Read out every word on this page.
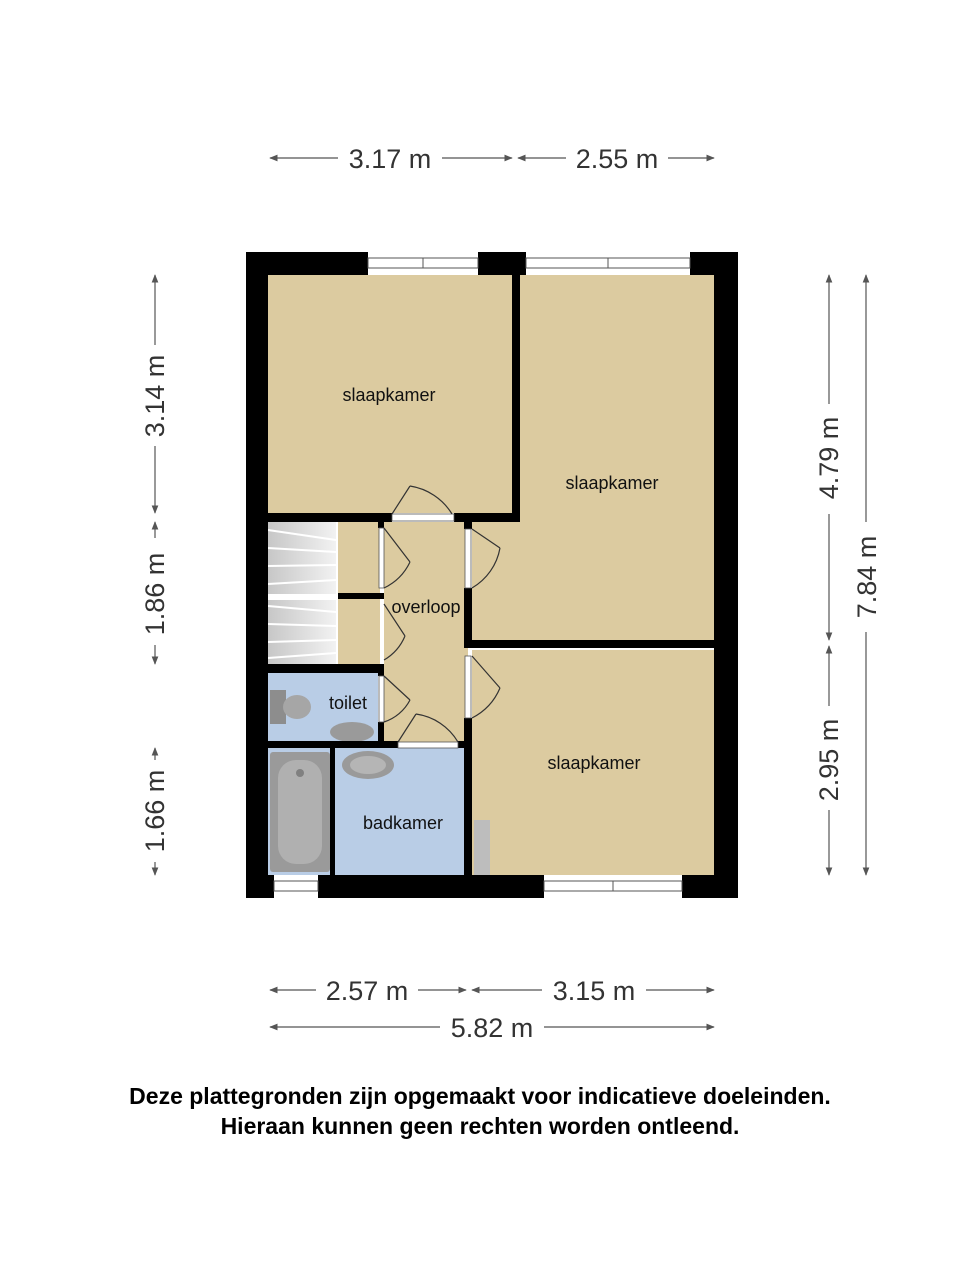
slaapkamer
slaapkamer
overloop
toilet
slaapkamer
badkamer
3.17 m	2.55 m
3.14 m
1.86 m
1.66 m
4.79 m
2.95 m
7.84 m
2.57 m	3.15 m
5.82 m
Deze plattegronden zijn opgemaakt voor indicatieve doeleinden.
Hieraan kunnen geen rechten worden ontleend.
